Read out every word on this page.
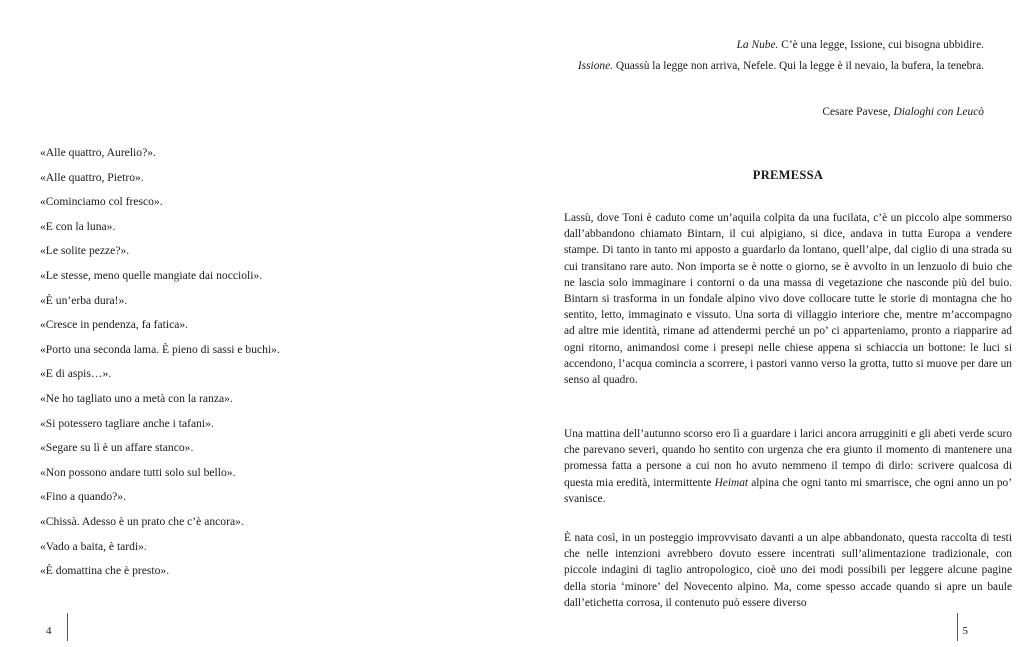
«Alle quattro, Aurelio?».
«Alle quattro, Pietro».
«Cominciamo col fresco».
«E con la luna».
«Le solite pezze?».
«Le stesse, meno quelle mangiate dai noccioli».
«È un’erba dura!».
«Cresce in pendenza, fa fatica».
«Porto una seconda lama. È pieno di sassi e buchi».
«E di aspis…».
«Ne ho tagliato uno a metà con la ranza».
«Si potessero tagliare anche i tafani».
«Segare su lì è un affare stanco».
«Non possono andare tutti solo sul bello».
«Fino a quando?».
«Chissà. Adesso è un prato che c’è ancora».
«Vado a baita, è tardi».
«È domattina che è presto».
4
La Nube. C’è una legge, Issione, cui bisogna ubbidire.
Issione. Quassù la legge non arriva, Nefele. Qui la legge è il nevaio, la bufera, la tenebra.
Cesare Pavese, Dialoghi con Leucò
PREMESSA

Lassù, dove Toni è caduto come un’aquila colpita da una fucilata, c’è un piccolo alpe sommerso dall’abbandono chiamato Bintarn, il cui alpigiano, si dice, andava in tutta Europa a vendere stampe. Di tanto in tanto mi apposto a guardarlo da lontano, quell’alpe, dal ciglio di una strada su cui transitano rare auto. Non importa se è notte o giorno, se è avvolto in un lenzuolo di buio che ne lascia solo immaginare i contorni o da una massa di vegetazione che nasconde più del buio. Bintarn si trasforma in un fondale alpino vivo dove collocare tutte le storie di montagna che ho sentito, letto, immaginato e vissuto. Una sorta di villaggio interiore che, mentre m’accompagno ad altre mie identità, rimane ad attendermi perché un po’ ci apparteniamo, pronto a riapparire ad ogni ritorno, animandosi come i presepi nelle chiese appena si schiaccia un bottone: le luci si accendono, l’acqua comincia a scorrere, i pastori vanno verso la grotta, tutto si muove per dare un senso al quadro.

Una mattina dell’autunno scorso ero lì a guardare i larici ancora arrugginiti e gli abeti verde scuro che parevano severi, quando ho sentito con urgenza che era giunto il momento di mantenere una promessa fatta a persone a cui non ho avuto nemmeno il tempo di dirlo: scrivere qualcosa di questa mia eredità, intermittente Heimat alpina che ogni tanto mi smarrisce, che ogni anno un po’ svanisce.

È nata così, in un posteggio improvvisato davanti a un alpe abbandonato, questa raccolta di testi che nelle intenzioni avrebbero dovuto essere incentrati sull’alimentazione tradizionale, con piccole indagini di taglio antropologico, cioè uno dei modi possibili per leggere alcune pagine della storia ‘minore’ del Novecento alpino. Ma, come spesso accade quando si apre un baule dall’etichetta corrosa, il contenuto può essere diverso

5
